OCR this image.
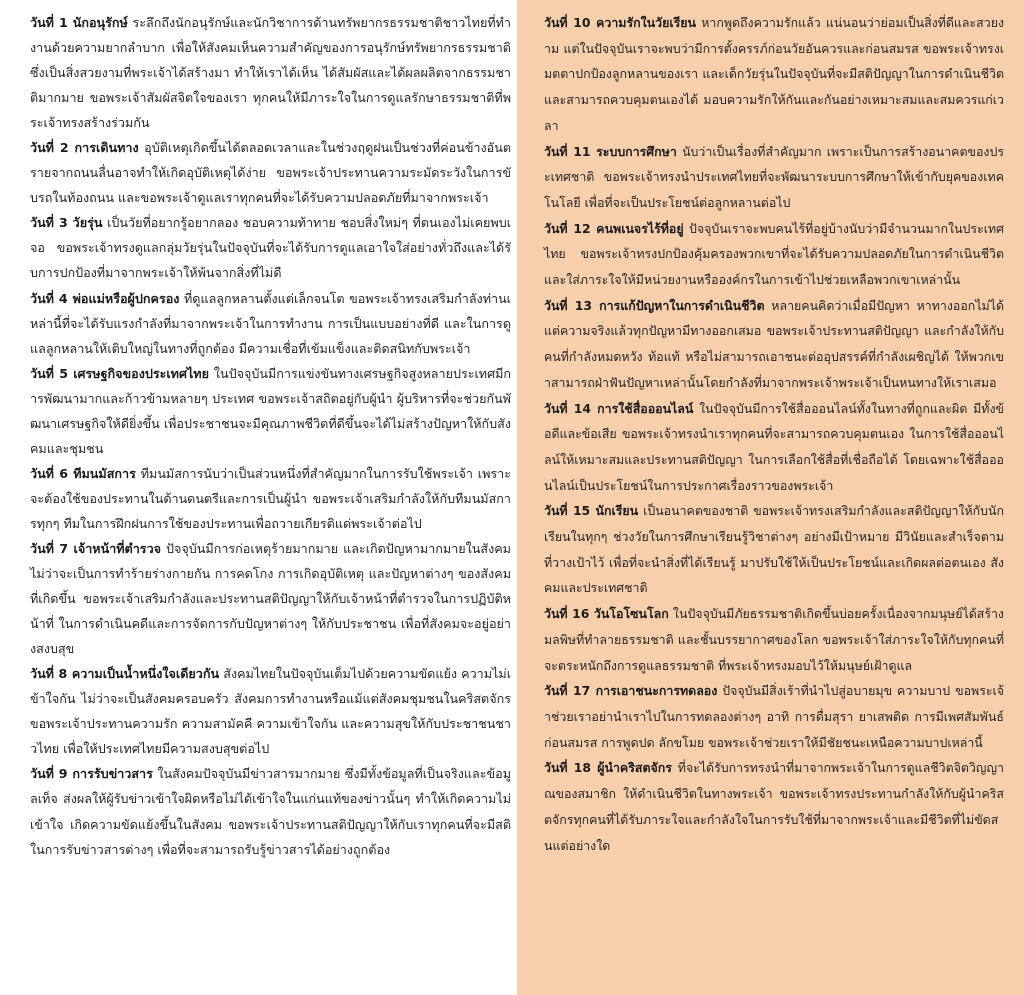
วันที่ 1 นักอนุรักษ์ ระลึกถึงนักอนุรักษ์และนักวิชาการด้านทรัพยากรธรรมชาติชาวไทยที่ทำงานด้วยความยากลำบาก เพื่อให้สังคมเห็นความสำคัญของการอนุรักษ์ทรัพยากรธรรมชาติ ซึ่งเป็นสิ่งสวยงามที่พระเจ้าได้สร้างมา ทำให้เราได้เห็น ได้สัมผัสและได้ผลผลิตจากธรรมชาติมากมาย ขอพระเจ้าสัมผัสจิตใจของเรา ทุกคนให้มีภาระใจในการดูแลรักษาธรรมชาติที่พระเจ้าทรงสร้างร่วมกัน

วันที่ 2 การเดินทาง อุบัติเหตุเกิดขึ้นได้ตลอดเวลาและในช่วงฤดูฝนเป็นช่วงที่ค่อนข้างอันตรายจากถนนลื่นอาจทำให้เกิดอุบัติเหตุได้ง่าย ขอพระเจ้าประทานความระมัดระวังในการขับรถในท้องถนน และขอพระเจ้าดูแลเราทุกคนที่จะได้รับความปลอดภัยที่มาจากพระเจ้า

วันที่ 3 วัยรุ่น เป็นวัยที่อยากรู้อยากลอง ชอบความท้าทาย ชอบสิ่งใหม่ๆ ที่ตนเองไม่เคยพบเจอ ขอพระเจ้าทรงดูแลกลุ่มวัยรุ่นในปัจจุบันที่จะได้รับการดูแลเอาใจใส่อย่างทั่วถึงและได้รับการปกป้องที่มาจากพระเจ้าให้พ้นจากสิ่งที่ไม่ดี

วันที่ 4 พ่อแม่หรือผู้ปกครอง ที่ดูแลลูกหลานตั้งแต่เล็กจนโต ขอพระเจ้าทรงเสริมกำลังท่านเหล่านี้ที่จะได้รับแรงกำลังที่มาจากพระเจ้าในการทำงาน การเป็นแบบอย่างที่ดี และในการดูแลลูกหลานให้เติบใหญ่ในทางที่ถูกต้อง มีความเชื่อที่เข้มแข็งและติดสนิทกับพระเจ้า

วันที่ 5 เศรษฐกิจของประเทศไทย ในปัจจุบันมีการแข่งขันทางเศรษฐกิจสูงหลายประเทศมีการพัฒนามากและก้าวข้ามหลายๆ ประเทศ ขอพระเจ้าสถิตอยู่กับผู้นำ ผู้บริหารที่จะช่วยกันพัฒนาเศรษฐกิจให้ดียิ่งขึ้น เพื่อประชาชนจะมีคุณภาพชีวิตที่ดีขึ้นจะได้ไม่สร้างปัญหาให้กับสังคมและชุมชน

วันที่ 6 ทีมนมัสการ ทีมนมัสการนับว่าเป็นส่วนหนึ่งที่สำคัญมากในการรับใช้พระเจ้า เพราะจะต้องใช้ของประทานในด้านดนตรีและการเป็นผู้นำ ขอพระเจ้าเสริมกำลังให้กับทีมนมัสการทุกๆ ทีมในการฝึกฝนการใช้ของประทานเพื่อถวายเกียรติแด่พระเจ้าต่อไป

วันที่ 7 เจ้าหน้าที่ตำรวจ ปัจจุบันมีการก่อเหตุร้ายมากมาย และเกิดปัญหามากมายในสังคม ไม่ว่าจะเป็นการทำร้ายร่างกายกัน การคดโกง การเกิดอุบัติเหตุ และปัญหาต่างๆ ของสังคมที่เกิดขึ้น ขอพระเจ้าเสริมกำลังและประทานสติปัญญาให้กับเจ้าหน้าที่ตำรวจในการปฏิบัติหน้าที่ ในการดำเนินคดีและการจัดการกับปัญหาต่างๆ ให้กับประชาชน เพื่อที่สังคมจะอยู่อย่างสงบสุข

วันที่ 8 ความเป็นน้ำหนึ่งใจเดียวกัน สังคมไทยในปัจจุบันเต็มไปด้วยความขัดแย้ง ความไม่เข้าใจกัน ไม่ว่าจะเป็นสังคมครอบครัว สังคมการทำงานหรือแม้แต่สังคมชุมชนในคริสตจักร ขอพระเจ้าประทานความรัก ความสามัคคี ความเข้าใจกัน และความสุขให้กับประชาชนชาวไทย เพื่อให้ประเทศไทยมีความสงบสุขต่อไป

วันที่ 9 การรับข่าวสาร ในสังคมปัจจุบันมีข่าวสารมากมาย ซึ่งมีทั้งข้อมูลที่เป็นจริงและข้อมูลเท็จ ส่งผลให้ผู้รับข่าวเข้าใจผิดหรือไม่ได้เข้าใจในแก่นแท้ของข่าวนั้นๆ ทำให้เกิดความไม่เข้าใจ เกิดความขัดแย้งขึ้นในสังคม ขอพระเจ้าประทานสติปัญญาให้กับเราทุกคนที่จะมีสติในการรับข่าวสารต่างๆ เพื่อที่จะสามารถรับรู้ข่าวสารได้อย่างถูกต้อง

วันที่ 10 ความรักในวัยเรียน หากพูดถึงความรักแล้ว แน่นอนว่าย่อมเป็นสิ่งที่ดีและสวยงาม แต่ในปัจจุบันเราจะพบว่ามีการตั้งครรภ์ก่อนวัยอันควรและก่อนสมรส ขอพระเจ้าทรงเมตตาปกป้องลูกหลานของเรา และเด็กวัยรุ่นในปัจจุบันที่จะมีสติปัญญาในการดำเนินชีวิตและสามารถควบคุมตนเองได้ มอบความรักให้กันและกันอย่างเหมาะสมและสมควรแก่เวลา

วันที่ 11 ระบบการศึกษา นับว่าเป็นเรื่องที่สำคัญมาก เพราะเป็นการสร้างอนาคตของประเทศชาติ ขอพระเจ้าทรงนำประเทศไทยที่จะพัฒนาระบบการศึกษาให้เข้ากับยุคของเทคโนโลยี เพื่อที่จะเป็นประโยชน์ต่อลูกหลานต่อไป

วันที่ 12 คนพเนจรไร้ที่อยู่ ปัจจุบันเราจะพบคนไร้ที่อยู่บ้างนับว่ามีจำนวนมากในประเทศไทย ขอพระเจ้าทรงปกป้องคุ้มครองพวกเขาที่จะได้รับความปลอดภัยในการดำเนินชีวิต และใส่ภาระใจให้มีหน่วยงานหรือองค์กรในการเข้าไปช่วยเหลือพวกเขาเหล่านั้น

วันที่ 13 การแก้ปัญหาในการดำเนินชีวิต หลายคนคิดว่าเมื่อมีปัญหา หาทางออกไม่ได้ แต่ความจริงแล้วทุกปัญหามีทางออกเสมอ ขอพระเจ้าประทานสติปัญญา และกำลังให้กับคนที่กำลังหมดหวัง ท้อแท้ หรือไม่สามารถเอาชนะต่ออุปสรรค์ที่กำลังเผชิญได้ ให้พวกเขาสามารถฝ่าฟันปัญหาเหล่านั้นโดยกำลังที่มาจากพระเจ้าพระเจ้าเป็นหนทางให้เราเสมอ

วันที่ 14 การใช้สื่อออนไลน์ ในปัจจุบันมีการใช้สื่อออนไลน์ทั้งในทางที่ถูกและผิด มีทั้งข้อดีและข้อเสีย ขอพระเจ้าทรงนำเราทุกคนที่จะสามารถควบคุมตนเอง ในการใช้สื่อออนไลน์ให้เหมาะสมและประทานสติปัญญา ในการเลือกใช้สื่อที่เชื่อถือได้ โดยเฉพาะใช้สื่อออนไลน์เป็นประโยชน์ในการประกาศเรื่องราวของพระเจ้า

วันที่ 15 นักเรียน เป็นอนาคตของชาติ ขอพระเจ้าทรงเสริมกำลังและสติปัญญาให้กับนักเรียนในทุกๆ ช่วงวัยในการศึกษาเรียนรู้วิชาต่างๆ อย่างมีเป้าหมาย มีวินัยและสำเร็จตามที่วางเป้าไว้ เพื่อที่จะนำสิ่งที่ได้เรียนรู้ มาปรับใช้ให้เป็นประโยชน์และเกิดผลต่อตนเอง สังคมและประเทศชาติ

วันที่ 16 วันโอโซนโลก ในปัจจุบันมีภัยธรรมชาติเกิดขึ้นบ่อยครั้งเนื่องจากมนุษย์ได้สร้างมลพิษที่ทำลายธรรมชาติ และชั้นบรรยากาศของโลก ขอพระเจ้าใส่ภาระใจให้กับทุกคนที่จะตระหนักถึงการดูแลธรรมชาติ ที่พระเจ้าทรงมอบไว้ให้มนุษย์เฝ้าดูแล

วันที่ 17 การเอาชนะการทดลอง ปัจจุบันมีสิ่งเร้าที่นำไปสู่อบายมุข ความบาป ขอพระเจ้าช่วยเราอย่านำเราไปในการทดลองต่างๆ อาทิ การดื่มสุรา ยาเสพติด การมีเพศสัมพันธ์ก่อนสมรส การพูดปด ลักขโมย ขอพระเจ้าช่วยเราให้มีชัยชนะเหนือความบาปเหล่านี้

วันที่ 18 ผู้นำคริสตจักร ที่จะได้รับการทรงนำที่มาจากพระเจ้าในการดูแลชีวิตจิตวิญญาณของสมาชิก ให้ดำเนินชีวิตในทางพระเจ้า ขอพระเจ้าทรงประทานกำลังให้กับผู้นำคริสตจักรทุกคนที่ได้รับภาระใจและกำลังใจในการรับใช้ที่มาจากพระเจ้าและมีชีวิตที่ไม่ขัดสนแต่อย่างใด
